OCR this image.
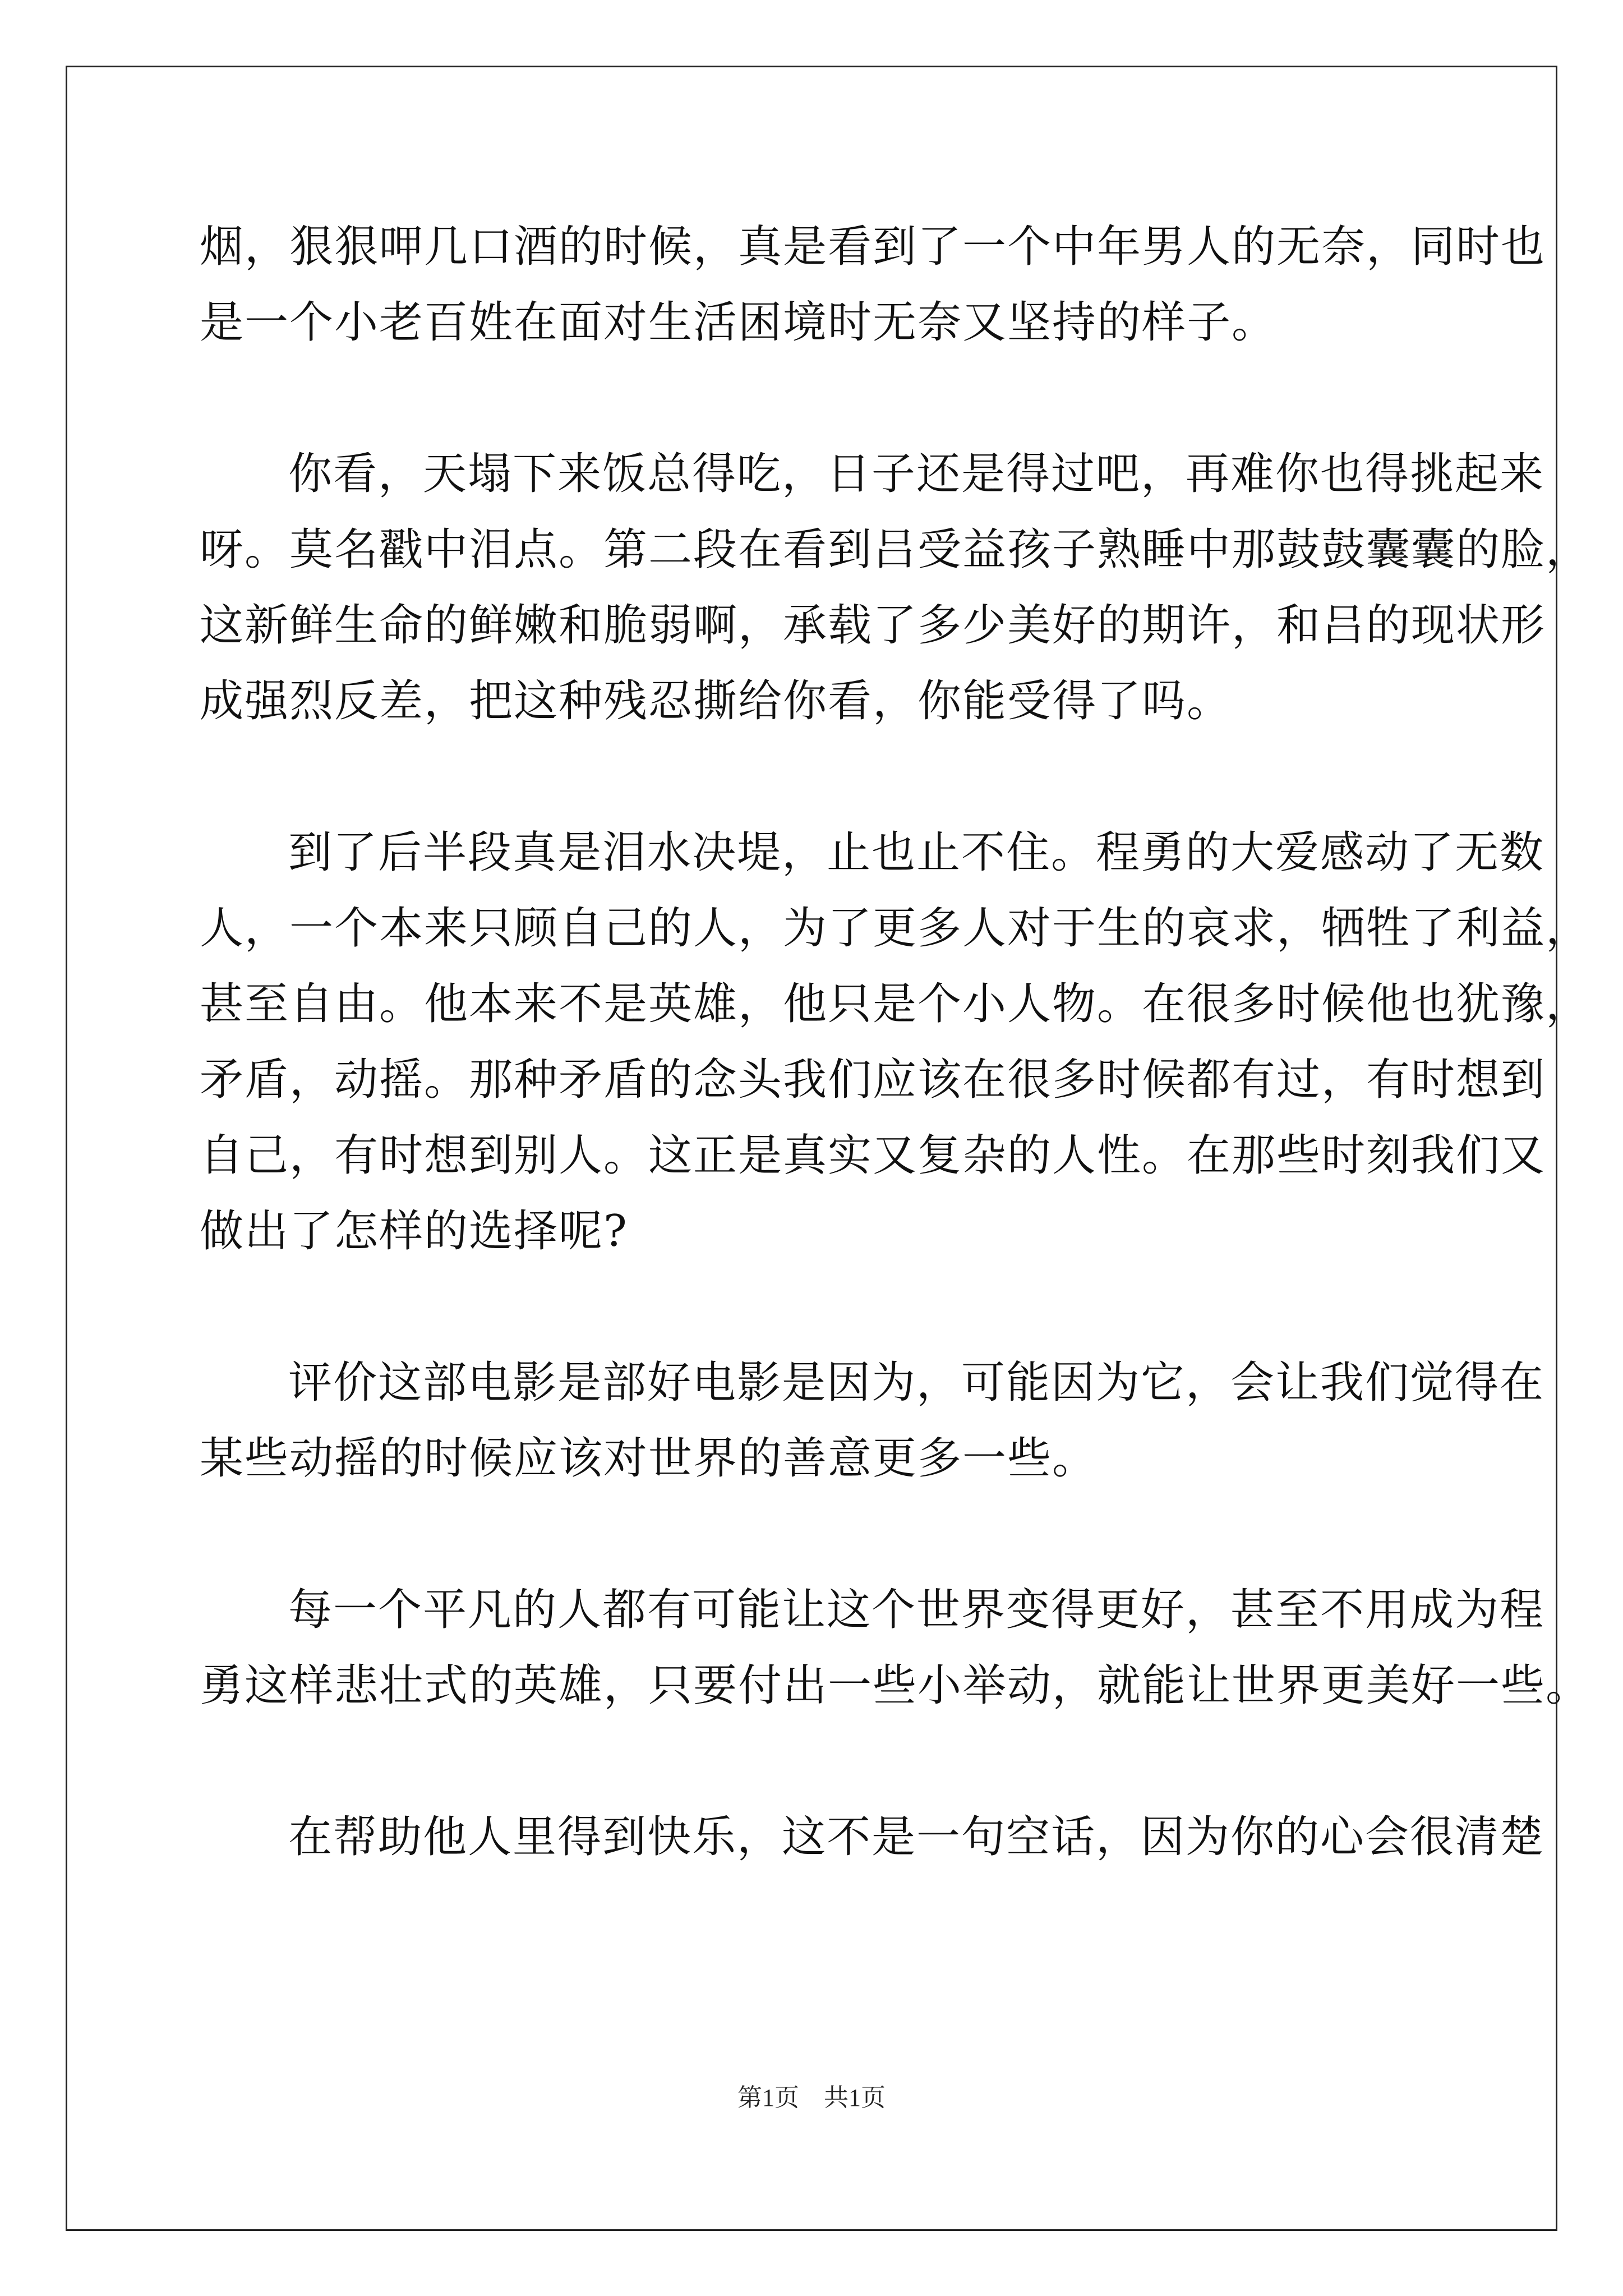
烟，狠狠呷几口酒的时候，真是看到了一个中年男人的无奈，同时也
是一个小老百姓在面对生活困境时无奈又坚持的样子。
你看，天塌下来饭总得吃，日子还是得过吧，再难你也得挑起来
呀。莫名戳中泪点。第二段在看到吕受益孩子熟睡中那鼓鼓囊囊的脸，
这新鲜生命的鲜嫩和脆弱啊，承载了多少美好的期许，和吕的现状形
成强烈反差，把这种残忍撕给你看，你能受得了吗。
到了后半段真是泪水决堤，止也止不住。程勇的大爱感动了无数
人，一个本来只顾自己的人，为了更多人对于生的哀求，牺牲了利益，
甚至自由。他本来不是英雄，他只是个小人物。在很多时候他也犹豫，
矛盾，动摇。那种矛盾的念头我们应该在很多时候都有过，有时想到
自己，有时想到别人。这正是真实又复杂的人性。在那些时刻我们又
做出了怎样的选择呢?
评价这部电影是部好电影是因为，可能因为它，会让我们觉得在
某些动摇的时候应该对世界的善意更多一些。
每一个平凡的人都有可能让这个世界变得更好，甚至不用成为程
勇这样悲壮式的英雄，只要付出一些小举动，就能让世界更美好一些。
在帮助他人里得到快乐，这不是一句空话，因为你的心会很清楚
第1页 共1页
